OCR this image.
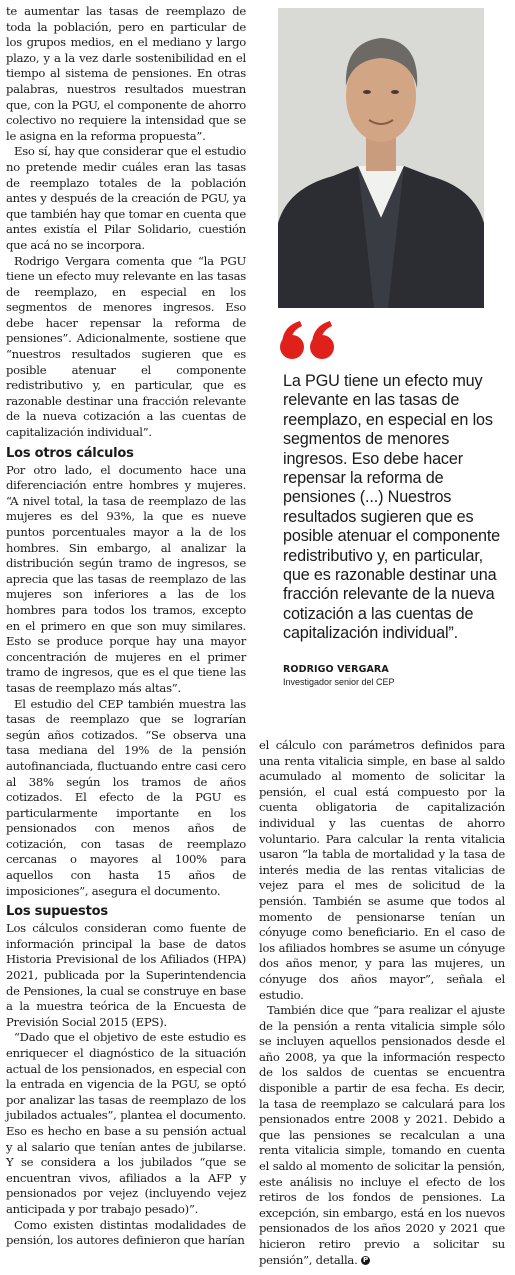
te aumentar las tasas de reemplazo de toda la población, pero en particular de los grupos medios, en el mediano y largo plazo, y a la vez darle sostenibilidad en el tiempo al sistema de pensiones. En otras palabras, nuestros resultados muestran que, con la PGU, el componente de ahorro colectivo no requiere la intensidad que se le asigna en la reforma propuesta”.

Eso sí, hay que considerar que el estudio no pretende medir cuáles eran las tasas de reemplazo totales de la población antes y después de la creación de PGU, ya que también hay que tomar en cuenta que antes existía el Pilar Solidario, cuestión que acá no se incorpora.

Rodrigo Vergara comenta que “la PGU tiene un efecto muy relevante en las tasas de reemplazo, en especial en los segmentos de menores ingresos. Eso debe hacer repensar la reforma de pensiones”. Adicionalmente, sostiene que “nuestros resultados sugieren que es posible atenuar el componente redistributivo y, en particular, que es razonable destinar una fracción relevante de la nueva cotización a las cuentas de capitalización individual”.

Los otros cálculos

Por otro lado, el documento hace una diferenciación entre hombres y mujeres. “A nivel total, la tasa de reemplazo de las mujeres es del 93%, la que es nueve puntos porcentuales mayor a la de los hombres. Sin embargo, al analizar la distribución según tramo de ingresos, se aprecia que las tasas de reemplazo de las mujeres son inferiores a las de los hombres para todos los tramos, excepto en el primero en que son muy similares. Esto se produce porque hay una mayor concentración de mujeres en el primer tramo de ingresos, que es el que tiene las tasas de reemplazo más altas”.

El estudio del CEP también muestra las tasas de reemplazo que se lograrían según años cotizados. “Se observa una tasa mediana del 19% de la pensión autofinanciada, fluctuando entre casi cero al 38% según los tramos de años cotizados. El efecto de la PGU es particularmente importante en los pensionados con menos años de cotización, con tasas de reemplazo cercanas o mayores al 100% para aquellos con hasta 15 años de imposiciones”, asegura el documento.

Los supuestos

Los cálculos consideran como fuente de información principal la base de datos Historia Previsional de los Afiliados (HPA) 2021, publicada por la Superintendencia de Pensiones, la cual se construye en base a la muestra teórica de la Encuesta de Previsión Social 2015 (EPS).

“Dado que el objetivo de este estudio es enriquecer el diagnóstico de la situación actual de los pensionados, en especial con la entrada en vigencia de la PGU, se optó por analizar las tasas de reemplazo de los jubilados actuales”, plantea el documento. Eso es hecho en base a su pensión actual y al salario que tenían antes de jubilarse. Y se considera a los jubilados “que se encuentran vivos, afiliados a la AFP y pensionados por vejez (incluyendo vejez anticipada y por trabajo pesado)”.

Como existen distintas modalidades de pensión, los autores definieron que harían

La PGU tiene un efecto muy relevante en las tasas de reemplazo, en especial en los segmentos de menores ingresos. Eso debe hacer repensar la reforma de pensiones (...) Nuestros resultados sugieren que es posible atenuar el componente redistributivo y, en particular, que es razonable destinar una fracción relevante de la nueva cotización a las cuentas de capitalización individual”.

RODRIGO VERGARA

Investigador senior del CEP

el cálculo con parámetros definidos para una renta vitalicia simple, en base al saldo acumulado al momento de solicitar la pensión, el cual está compuesto por la cuenta obligatoria de capitalización individual y las cuentas de ahorro voluntario. Para calcular la renta vitalicia usaron “la tabla de mortalidad y la tasa de interés media de las rentas vitalicias de vejez para el mes de solicitud de la pensión. También se asume que todos al momento de pensionarse tenían un cónyuge como beneficiario. En el caso de los afiliados hombres se asume un cónyuge dos años menor, y para las mujeres, un cónyuge dos años mayor”, señala el estudio.

También dice que “para realizar el ajuste de la pensión a renta vitalicia simple sólo se incluyen aquellos pensionados desde el año 2008, ya que la información respecto de los saldos de cuentas se encuentra disponible a partir de esa fecha. Es decir, la tasa de reemplazo se calculará para los pensionados entre 2008 y 2021. Debido a que las pensiones se recalculan a una renta vitalicia simple, tomando en cuenta el saldo al momento de solicitar la pensión, este análisis no incluye el efecto de los retiros de los fondos de pensiones. La excepción, sin embargo, está en los nuevos pensionados de los años 2020 y 2021 que hicieron retiro previo a solicitar su pensión”, detalla. P
